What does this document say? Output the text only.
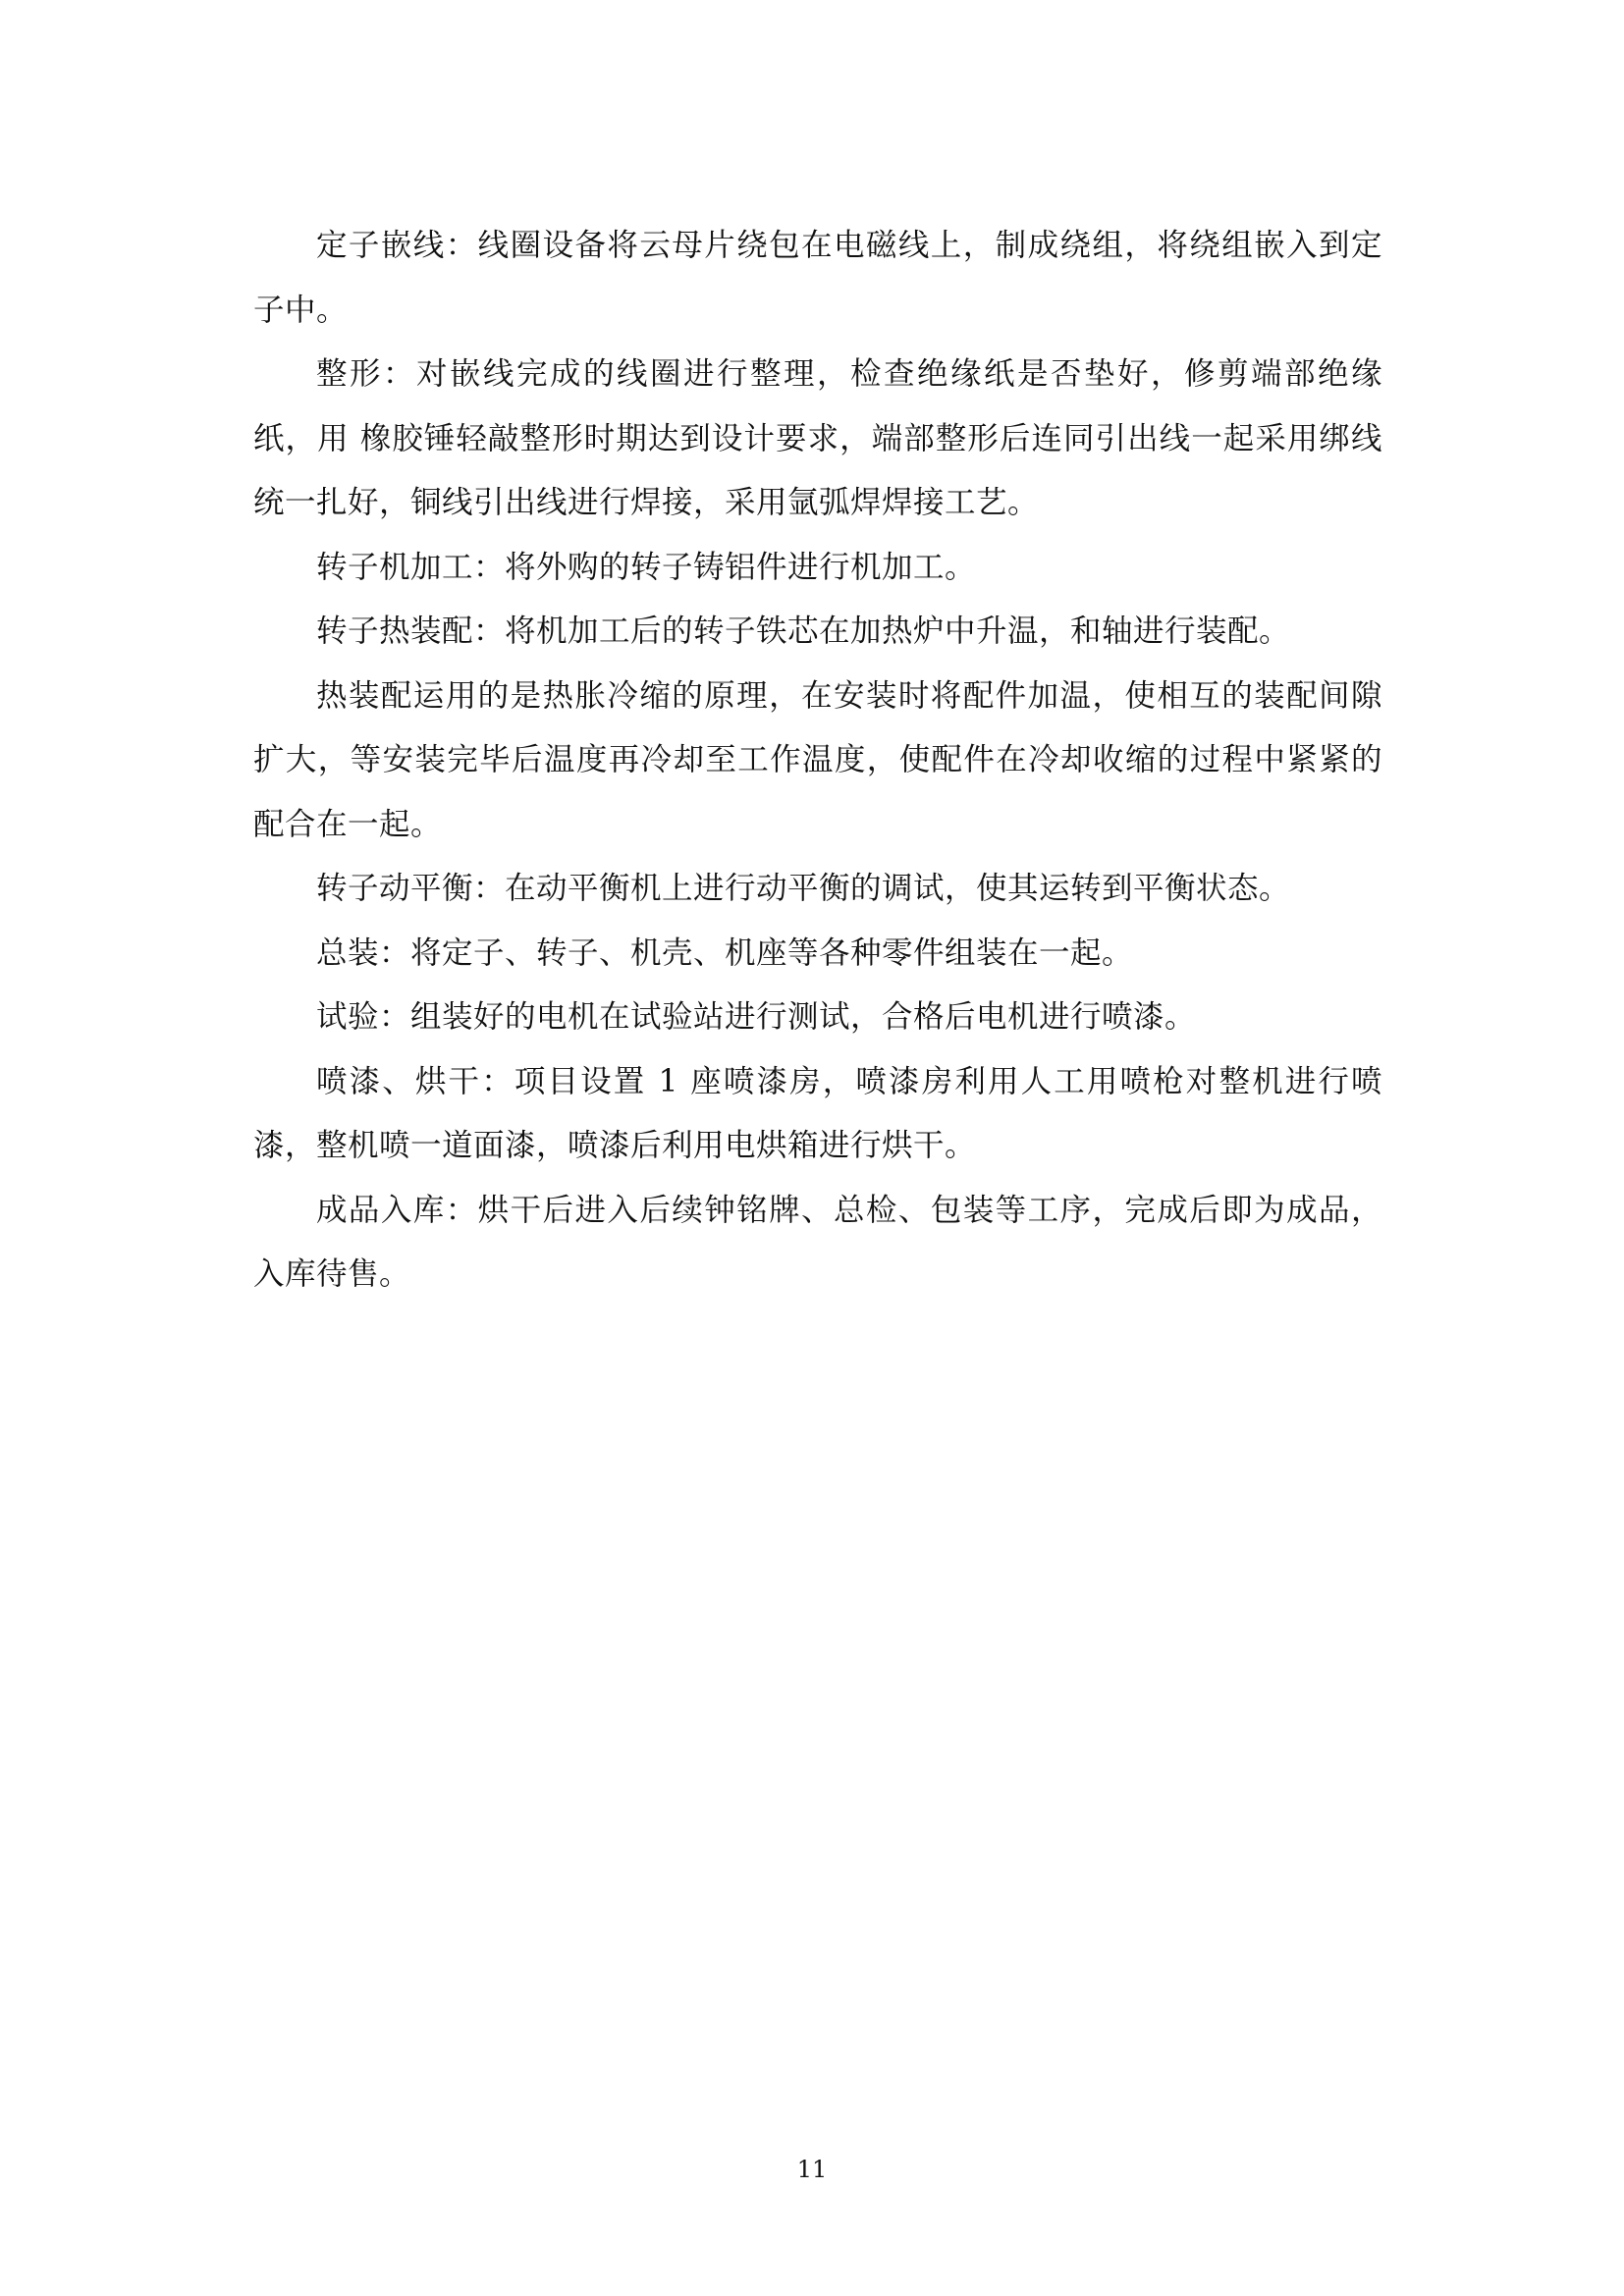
定子嵌线：线圈设备将云母片绕包在电磁线上，制成绕组，将绕组嵌入到定子中。

整形：对嵌线完成的线圈进行整理，检查绝缘纸是否垫好，修剪端部绝缘纸，用 橡胶锤轻敲整形时期达到设计要求，端部整形后连同引出线一起采用绑线统一扎好，铜线引出线进行焊接，采用氩弧焊焊接工艺。

转子机加工：将外购的转子铸铝件进行机加工。

转子热装配：将机加工后的转子铁芯在加热炉中升温，和轴进行装配。

热装配运用的是热胀冷缩的原理，在安装时将配件加温，使相互的装配间隙扩大，等安装完毕后温度再冷却至工作温度，使配件在冷却收缩的过程中紧紧的配合在一起。

转子动平衡：在动平衡机上进行动平衡的调试，使其运转到平衡状态。

总装：将定子、转子、机壳、机座等各种零件组装在一起。

试验：组装好的电机在试验站进行测试，合格后电机进行喷漆。

喷漆、烘干：项目设置 1 座喷漆房，喷漆房利用人工用喷枪对整机进行喷漆，整机喷一道面漆，喷漆后利用电烘箱进行烘干。

成品入库：烘干后进入后续钟铭牌、总检、包装等工序，完成后即为成品，入库待售。

11
